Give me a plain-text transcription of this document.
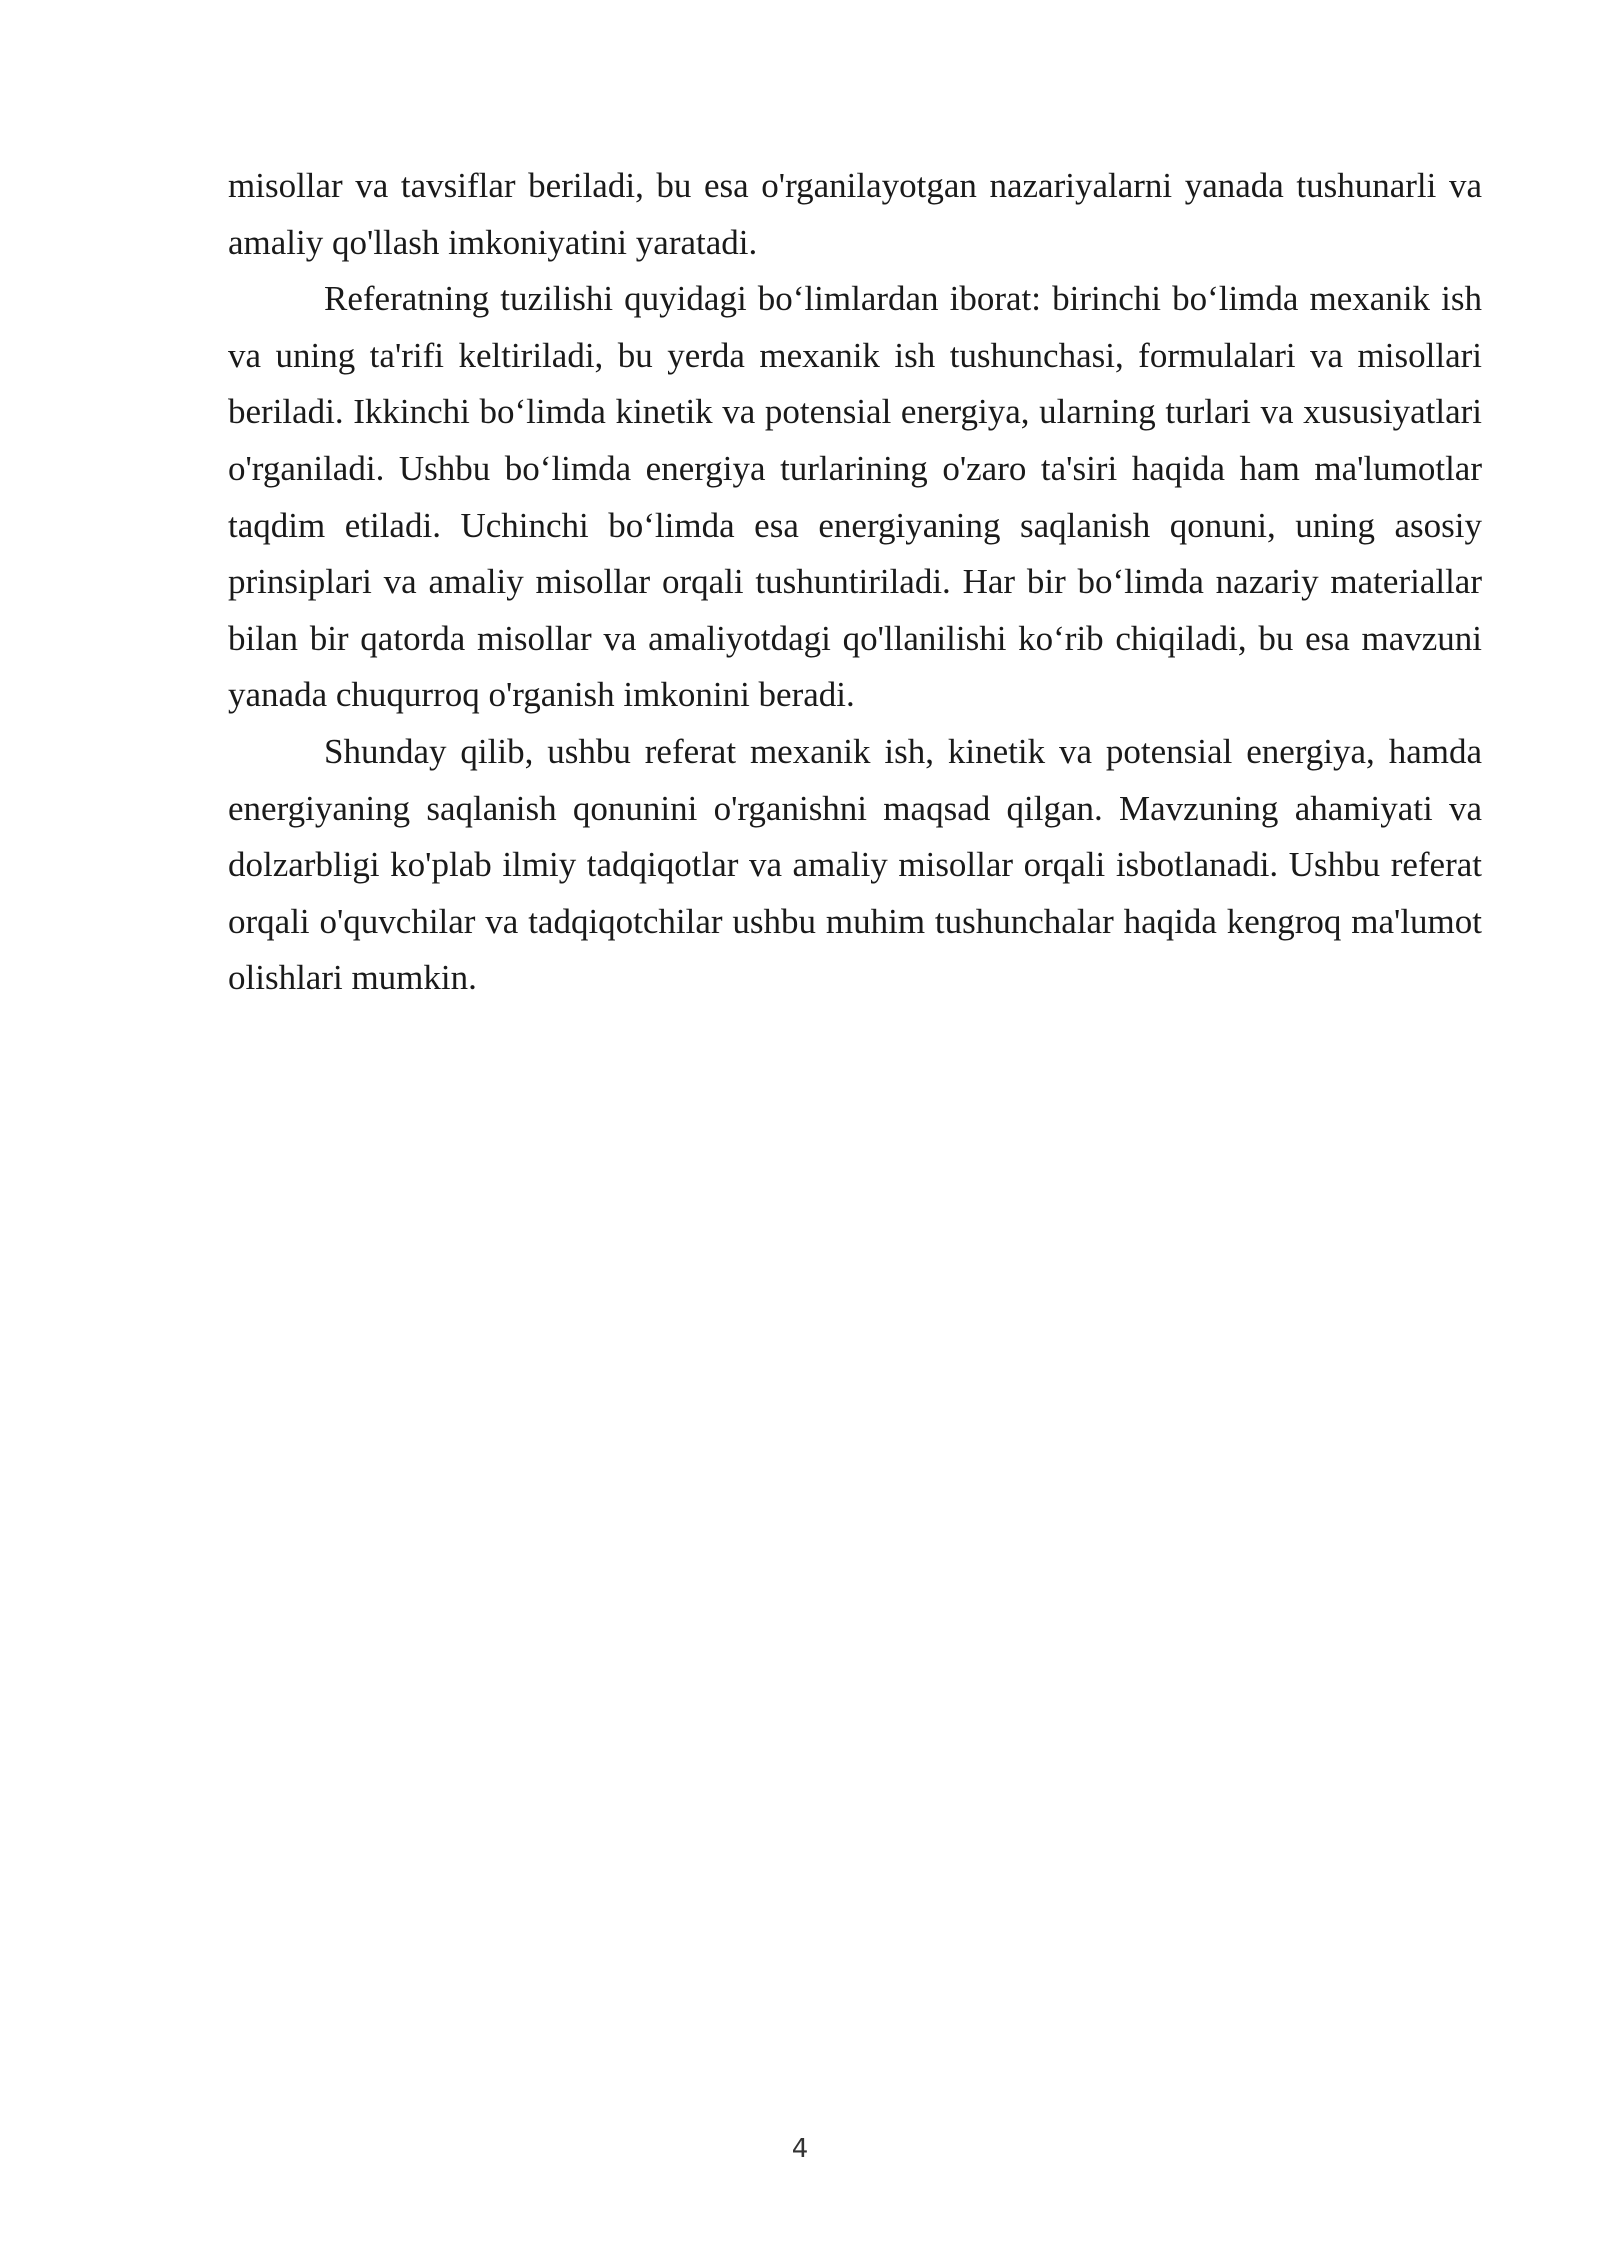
misollar va tavsiflar beriladi, bu esa o'rganilayotgan nazariyalarni yanada tushunarli va amaliy qo'llash imkoniyatini yaratadi.

Referatning tuzilishi quyidagi bo‘limlardan iborat: birinchi bo‘limda mexanik ish va uning ta'rifi keltiriladi, bu yerda mexanik ish tushunchasi, formulalari va misollari beriladi. Ikkinchi bo‘limda kinetik va potensial energiya, ularning turlari va xususiyatlari o'rganiladi. Ushbu bo‘limda energiya turlarining o'zaro ta'siri haqida ham ma'lumotlar taqdim etiladi. Uchinchi bo‘limda esa energiyaning saqlanish qonuni, uning asosiy prinsiplari va amaliy misollar orqali tushuntiriladi. Har bir bo‘limda nazariy materiallar bilan bir qatorda misollar va amaliyotdagi qo'llanilishi ko‘rib chiqiladi, bu esa mavzuni yanada chuqurroq o'rganish imkonini beradi.

Shunday qilib, ushbu referat mexanik ish, kinetik va potensial energiya, hamda energiyaning saqlanish qonunini o'rganishni maqsad qilgan. Mavzuning ahamiyati va dolzarbligi ko'plab ilmiy tadqiqotlar va amaliy misollar orqali isbotlanadi. Ushbu referat orqali o'quvchilar va tadqiqotchilar ushbu muhim tushunchalar haqida kengroq ma'lumot olishlari mumkin.

4
